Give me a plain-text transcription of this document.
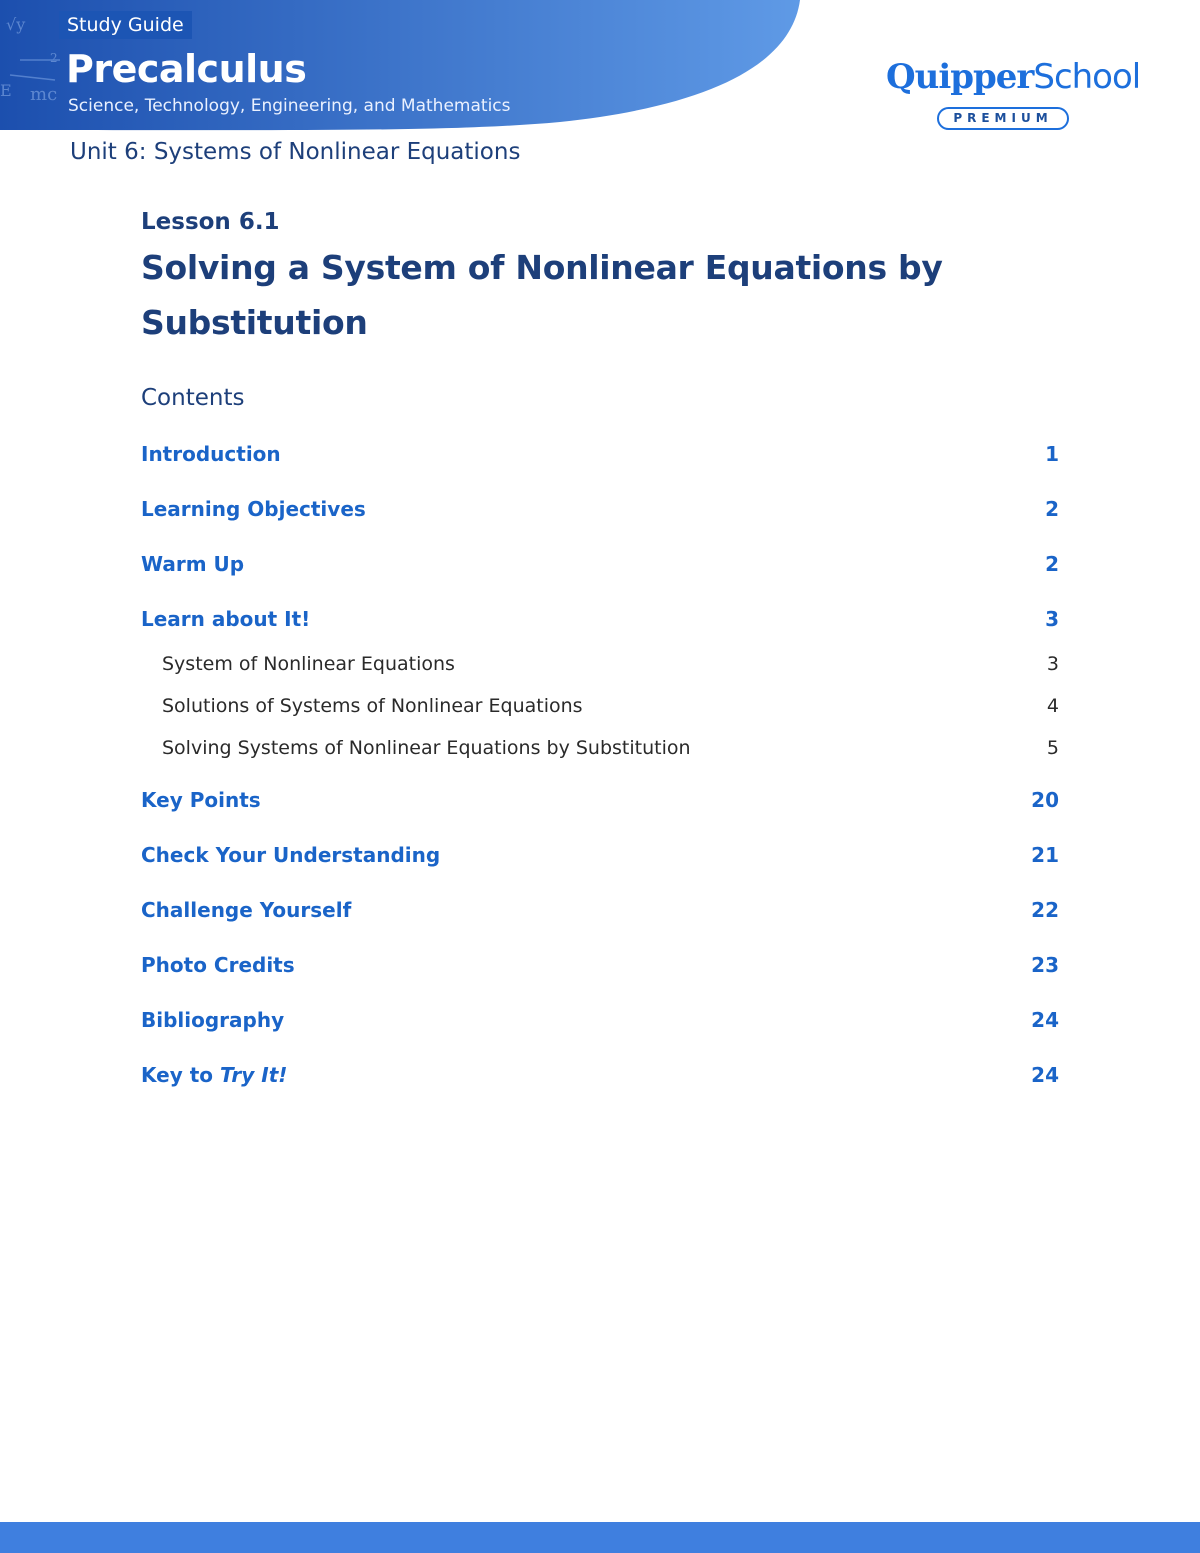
√y
mc
E
2
Study Guide
Precalculus
Science, Technology, Engineering, and Mathematics
QuipperSchool
PREMIUM
Unit 6: Systems of Nonlinear Equations
Lesson 6.1
Solving a System of Nonlinear Equations by
Substitution
Contents
Introduction	1
Learning Objectives	2
Warm Up	2
Learn about It!	3
System of Nonlinear Equations	3
Solutions of Systems of Nonlinear Equations	4
Solving Systems of Nonlinear Equations by Substitution	5
Key Points	20
Check Your Understanding	21
Challenge Yourself	22
Photo Credits	23
Bibliography	24
Key to Try It!	24
